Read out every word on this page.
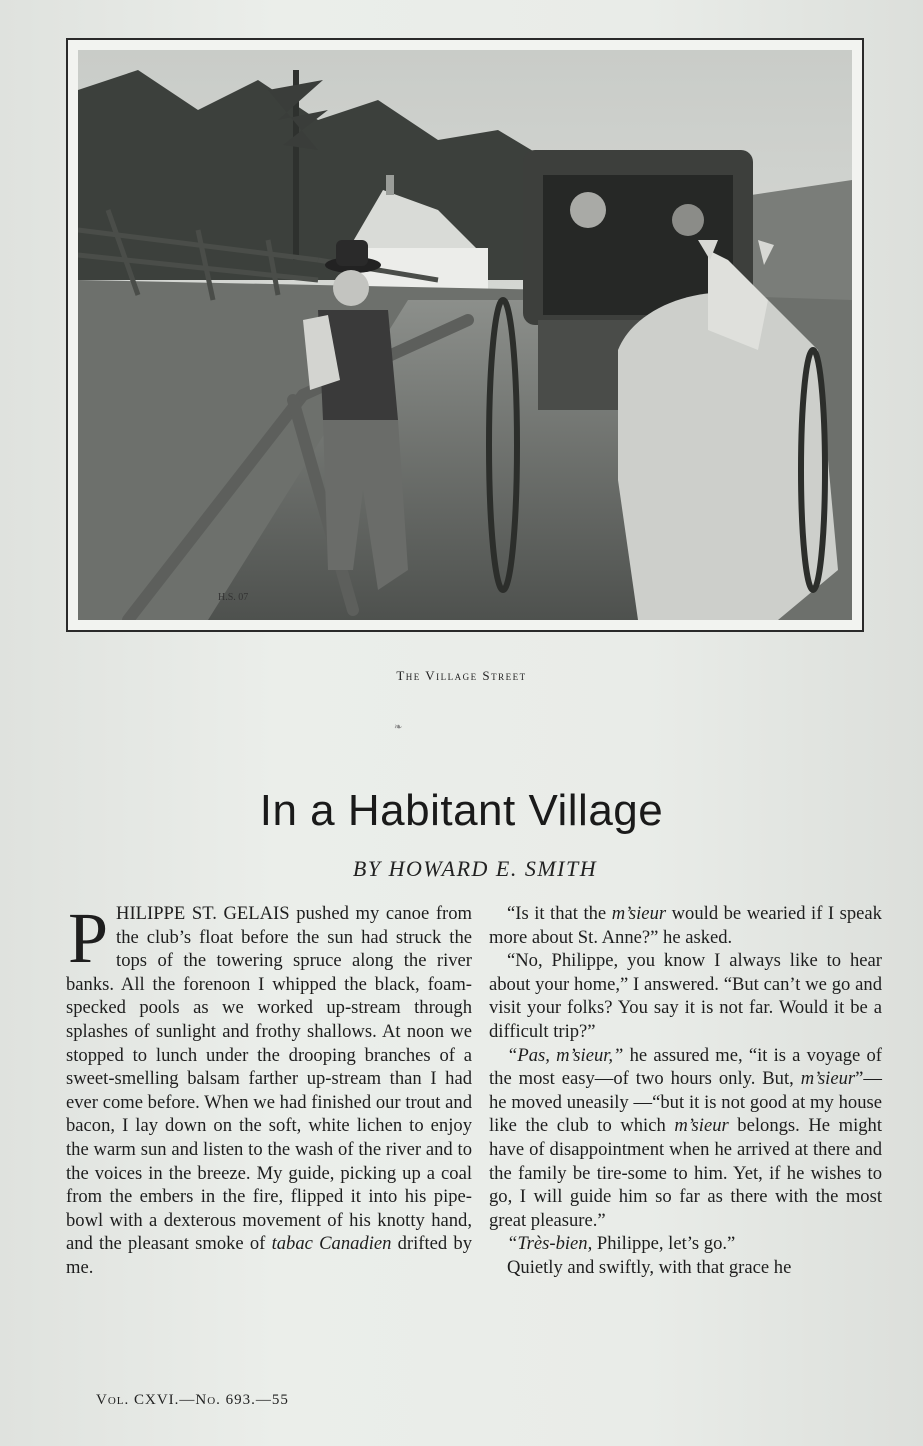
H.S. 07
The Village Street
❧
In a Habitant Village
BY HOWARD E. SMITH

PHILIPPE ST. GELAIS pushed my canoe from the club’s float before the sun had struck the tops of the towering spruce along the river banks. All the forenoon I whipped the black, foam-specked pools as we worked up-stream through splashes of sunlight and frothy shallows. At noon we stopped to lunch under the drooping branches of a sweet-smelling balsam farther up-stream than I had ever come before. When we had finished our trout and bacon, I lay down on the soft, white lichen to enjoy the warm sun and listen to the wash of the river and to the voices in the breeze. My guide, picking up a coal from the embers in the fire, flipped it into his pipe-bowl with a dexterous movement of his knotty hand, and the pleasant smoke of tabac Canadien drifted by me.

“Is it that the m’sieur would be wearied if I speak more about St. Anne?” he asked.

“No, Philippe, you know I always like to hear about your home,” I answered. “But can’t we go and visit your folks? You say it is not far. Would it be a difficult trip?”

“Pas, m’sieur,” he assured me, “it is a voyage of the most easy—of two hours only. But, m’sieur”—he moved uneasily —“but it is not good at my house like the club to which m’sieur belongs. He might have of disappointment when he arrived at there and the family be tire-some to him. Yet, if he wishes to go, I will guide him so far as there with the most great pleasure.”

“Très-bien, Philippe, let’s go.”

Quietly and swiftly, with that grace he

Vol. CXVI.—No. 693.—55
